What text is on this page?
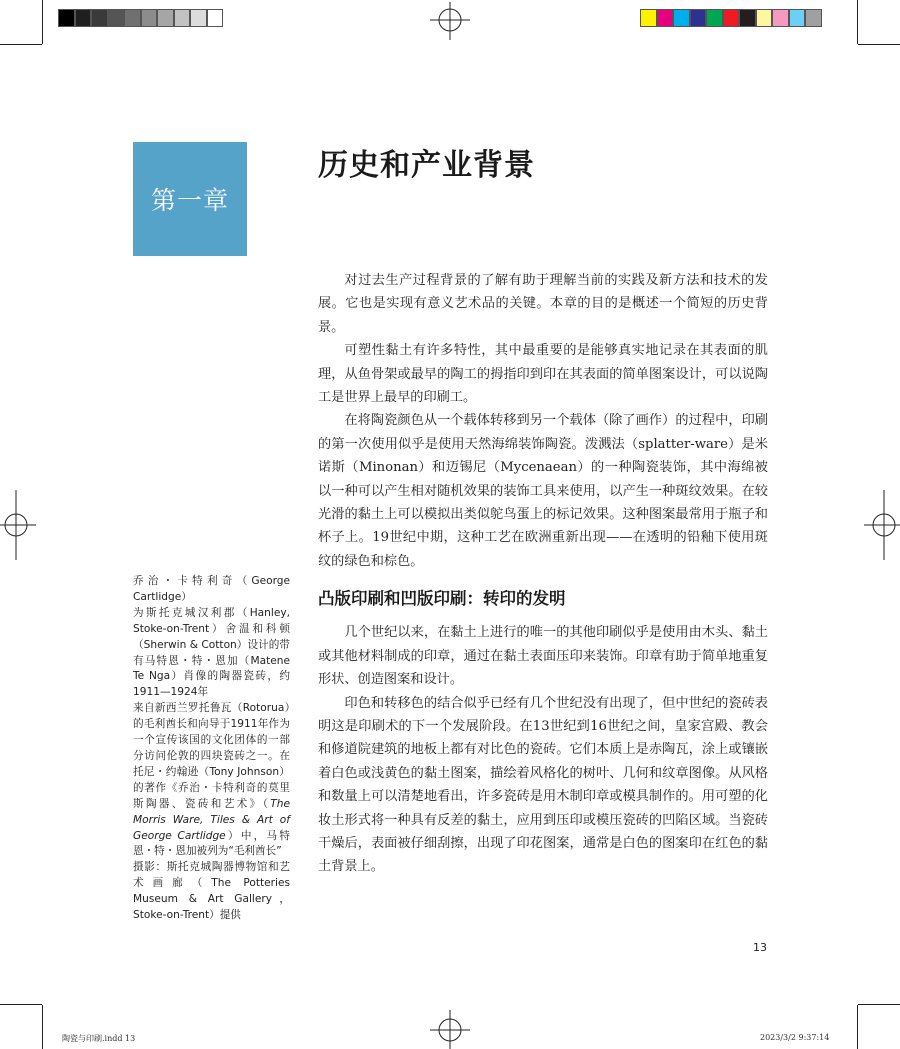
第一章
历史和产业背景

对过去生产过程背景的了解有助于理解当前的实践及新方法和技术的发展。它也是实现有意义艺术品的关键。本章的目的是概述一个简短的历史背景。

可塑性黏土有许多特性，其中最重要的是能够真实地记录在其表面的肌理，从鱼骨架或最早的陶工的拇指印到印在其表面的简单图案设计，可以说陶工是世界上最早的印刷工。

在将陶瓷颜色从一个载体转移到另一个载体（除了画作）的过程中，印刷的第一次使用似乎是使用天然海绵装饰陶瓷。泼溅法（splatter-ware）是米诺斯（Minonan）和迈锡尼（Mycenaean）的一种陶瓷装饰，其中海绵被以一种可以产生相对随机效果的装饰工具来使用，以产生一种斑纹效果。在较光滑的黏土上可以模拟出类似鸵鸟蛋上的标记效果。这种图案最常用于瓶子和杯子上。19世纪中期，这种工艺在欧洲重新出现——在透明的铅釉下使用斑纹的绿色和棕色。

凸版印刷和凹版印刷：转印的发明

几个世纪以来，在黏土上进行的唯一的其他印刷似乎是使用由木头、黏土或其他材料制成的印章，通过在黏土表面压印来装饰。印章有助于简单地重复形状、创造图案和设计。

印色和转移色的结合似乎已经有几个世纪没有出现了，但中世纪的瓷砖表明这是印刷术的下一个发展阶段。在13世纪到16世纪之间，皇家宫殿、教会和修道院建筑的地板上都有对比色的瓷砖。它们本质上是赤陶瓦，涂上或镶嵌着白色或浅黄色的黏土图案，描绘着风格化的树叶、几何和纹章图像。从风格和数量上可以清楚地看出，许多瓷砖是用木制印章或模具制作的。用可塑的化妆土形式将一种具有反差的黏土，应用到压印或模压瓷砖的凹陷区域。当瓷砖干燥后，表面被仔细刮擦，出现了印花图案，通常是白色的图案印在红色的黏土背景上。

乔治・卡特利奇（George Cartlidge）

为斯托克城汉利郡（Hanley, Stoke-on-Trent）舍温和科顿（Sherwin & Cotton）设计的带有马特恩・特・恩加（Matene Te Nga）肖像的陶器瓷砖，约1911—1924年

来自新西兰罗托鲁瓦（Rotorua）的毛利酋长和向导于1911年作为一个宣传该国的文化团体的一部分访问伦敦的四块瓷砖之一。在托尼・约翰逊（Tony Johnson）的著作《乔治・卡特利奇的莫里斯陶器、瓷砖和艺术》（The Morris Ware, Tiles & Art of George Cartlidge）中，马特恩・特・恩加被列为“毛利酋长”

摄影：斯托克城陶器博物馆和艺术画廊（The Potteries Museum & Art Gallery，Stoke-on-Trent）提供

13
陶瓷与印刷.indd 13	2023/3/2 9:37:14
